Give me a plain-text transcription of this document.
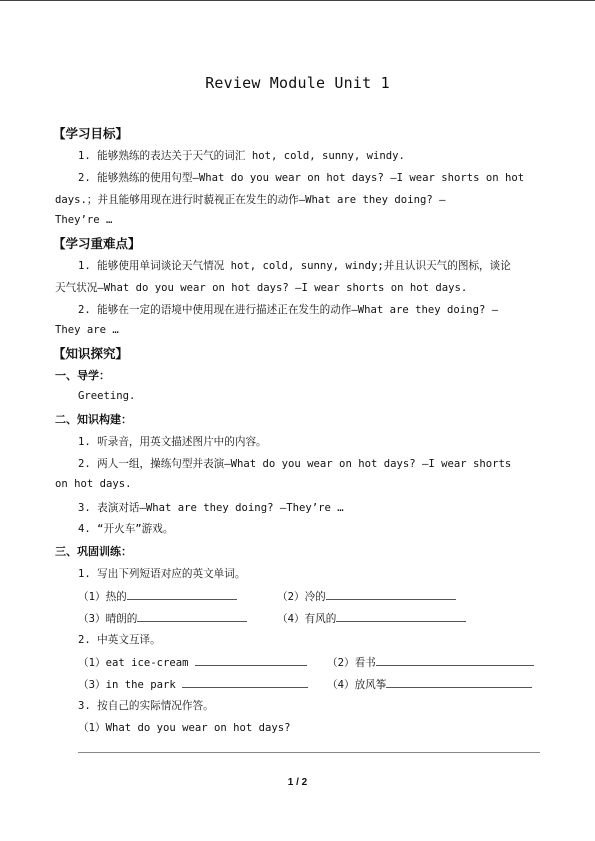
Review Module Unit 1
【学习目标】
1. 能够熟练的表达关于天气的词汇 hot, cold, sunny, windy.
2. 能够熟练的使用句型—What do you wear on hot days? —I wear shorts on hot
days.；并且能够用现在进行时藐视正在发生的动作—What are they doing? —
They’re …
【学习重难点】
1. 能够使用单词谈论天气情况 hot, cold, sunny, windy;并且认识天气的图标，谈论
天气状况—What do you wear on hot days? —I wear shorts on hot days.
2. 能够在一定的语境中使用现在进行描述正在发生的动作—What are they doing? —
They are …
【知识探究】
一、导学：
Greeting.
二、知识构建：
1. 听录音，用英文描述图片中的内容。
2. 两人一组，操练句型并表演—What do you wear on hot days? —I wear shorts
on hot days.
3. 表演对话—What are they doing? —They’re …
4. “开火车”游戏。
三、巩固训练：
1. 写出下列短语对应的英文单词。
（1）热的	（2）冷的
（3）晴朗的	（4）有风的
2. 中英文互译。
（1）eat ice-cream	（2）看书
（3）in the park	（4）放风筝
3. 按自己的实际情况作答。
（1）What do you wear on hot days?
1 / 2
